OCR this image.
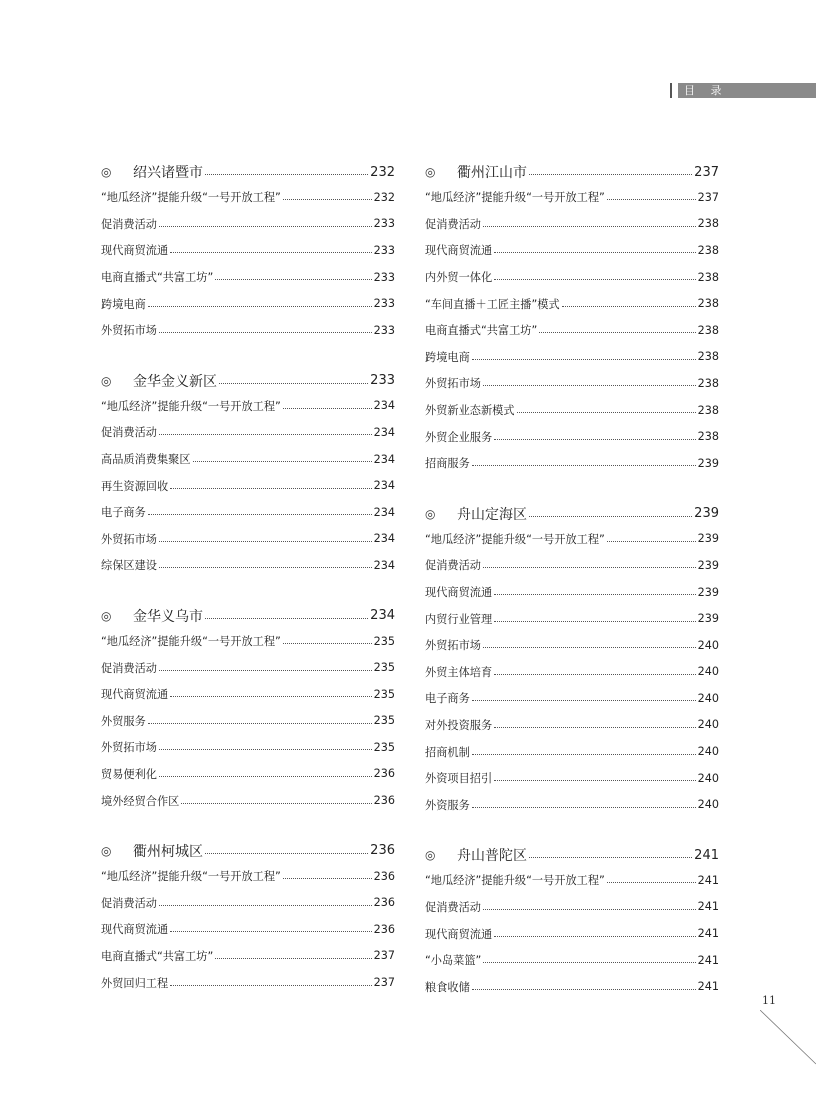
目 录
◎	绍兴诸暨市	232
“地瓜经济”提能升级“一号开放工程”	232
促消费活动	233
现代商贸流通	233
电商直播式“共富工坊”	233
跨境电商	233
外贸拓市场	233
◎	金华金义新区	233
“地瓜经济”提能升级“一号开放工程”	234
促消费活动	234
高品质消费集聚区	234
再生资源回收	234
电子商务	234
外贸拓市场	234
综保区建设	234
◎	金华义乌市	234
“地瓜经济”提能升级“一号开放工程”	235
促消费活动	235
现代商贸流通	235
外贸服务	235
外贸拓市场	235
贸易便利化	236
境外经贸合作区	236
◎	衢州柯城区	236
“地瓜经济”提能升级“一号开放工程”	236
促消费活动	236
现代商贸流通	236
电商直播式“共富工坊”	237
外贸回归工程	237
◎	衢州江山市	237
“地瓜经济”提能升级“一号开放工程”	237
促消费活动	238
现代商贸流通	238
内外贸一体化	238
“车间直播＋工匠主播”模式	238
电商直播式“共富工坊”	238
跨境电商	238
外贸拓市场	238
外贸新业态新模式	238
外贸企业服务	238
招商服务	239
◎	舟山定海区	239
“地瓜经济”提能升级“一号开放工程”	239
促消费活动	239
现代商贸流通	239
内贸行业管理	239
外贸拓市场	240
外贸主体培育	240
电子商务	240
对外投资服务	240
招商机制	240
外资项目招引	240
外资服务	240
◎	舟山普陀区	241
“地瓜经济”提能升级“一号开放工程”	241
促消费活动	241
现代商贸流通	241
“小岛菜篮”	241
粮食收储	241
11
